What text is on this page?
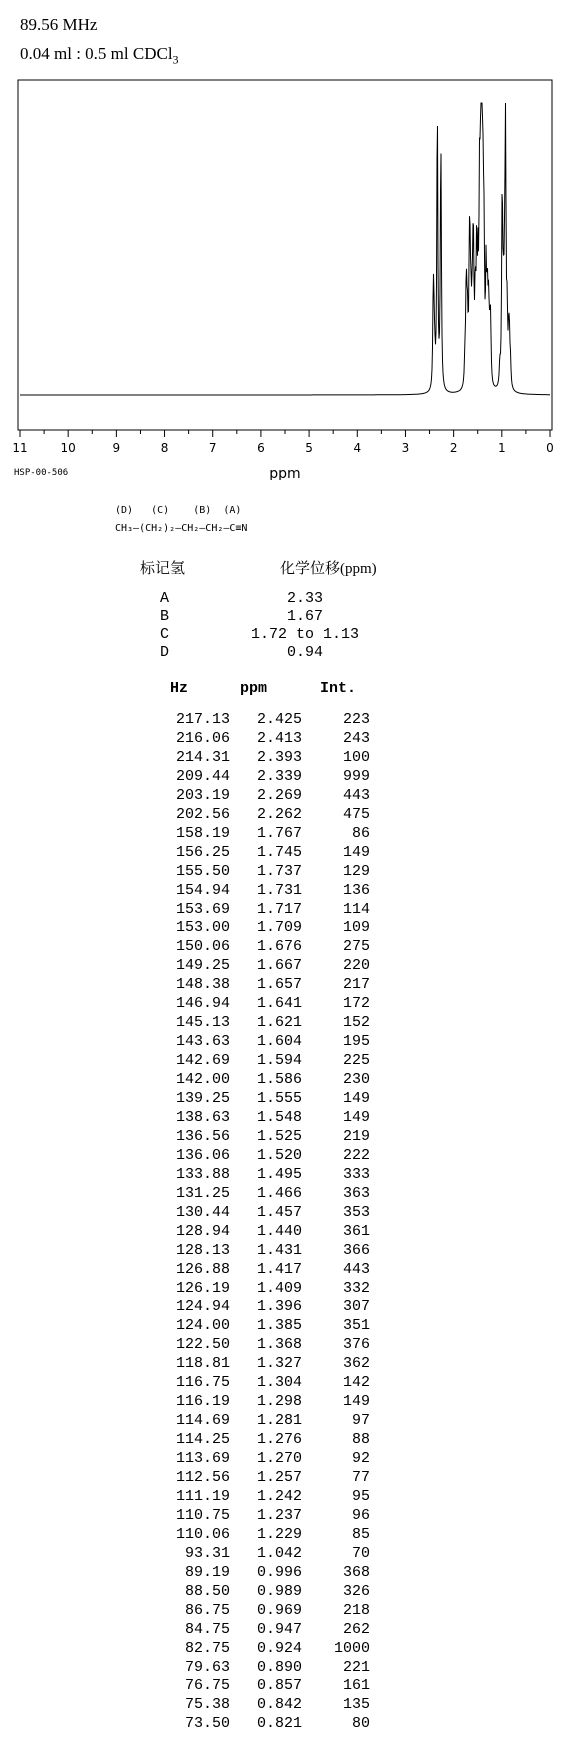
89.56 MHz
0.04 ml : 0.5 ml CDCl$_3$
11	10	9	8	7	6	5	4	3	2	1	0
ppm
HSP-00-506
(D)   (C)    (B)  (A)
CH₃—(CH₂)₂—CH₂—CH₂—C≡N
标记氢	化学位移(ppm)
A	2.33
B	1.67
C	1.72 to 1.13
D	0.94
Hz	ppm	Int.
217.13 2.425	223
216.06 2.413	243
214.31 2.393	100
209.44 2.339	999
203.19 2.269	443
202.56 2.262	475
158.19 1.767	86
156.25 1.745	149
155.50 1.737	129
154.94 1.731	136
153.69 1.717	114
153.00 1.709	109
150.06 1.676	275
149.25 1.667	220
148.38 1.657	217
146.94 1.641	172
145.13 1.621	152
143.63 1.604	195
142.69 1.594	225
142.00 1.586	230
139.25 1.555	149
138.63 1.548	149
136.56 1.525	219
136.06 1.520	222
133.88 1.495	333
131.25 1.466	363
130.44 1.457	353
128.94 1.440	361
128.13 1.431	366
126.88 1.417	443
126.19 1.409	332
124.94 1.396	307
124.00 1.385	351
122.50 1.368	376
118.81 1.327	362
116.75 1.304	142
116.19 1.298	149
114.69 1.281	97
114.25 1.276	88
113.69 1.270	92
112.56 1.257	77
111.19 1.242	95
110.75 1.237	96
110.06 1.229	85
93.31 1.042	70
89.19 0.996	368
88.50 0.989	326
86.75 0.969	218
84.75 0.947	262
82.75 0.924 1000
79.63 0.890	221
76.75 0.857	161
75.38 0.842	135
73.50 0.821	80
